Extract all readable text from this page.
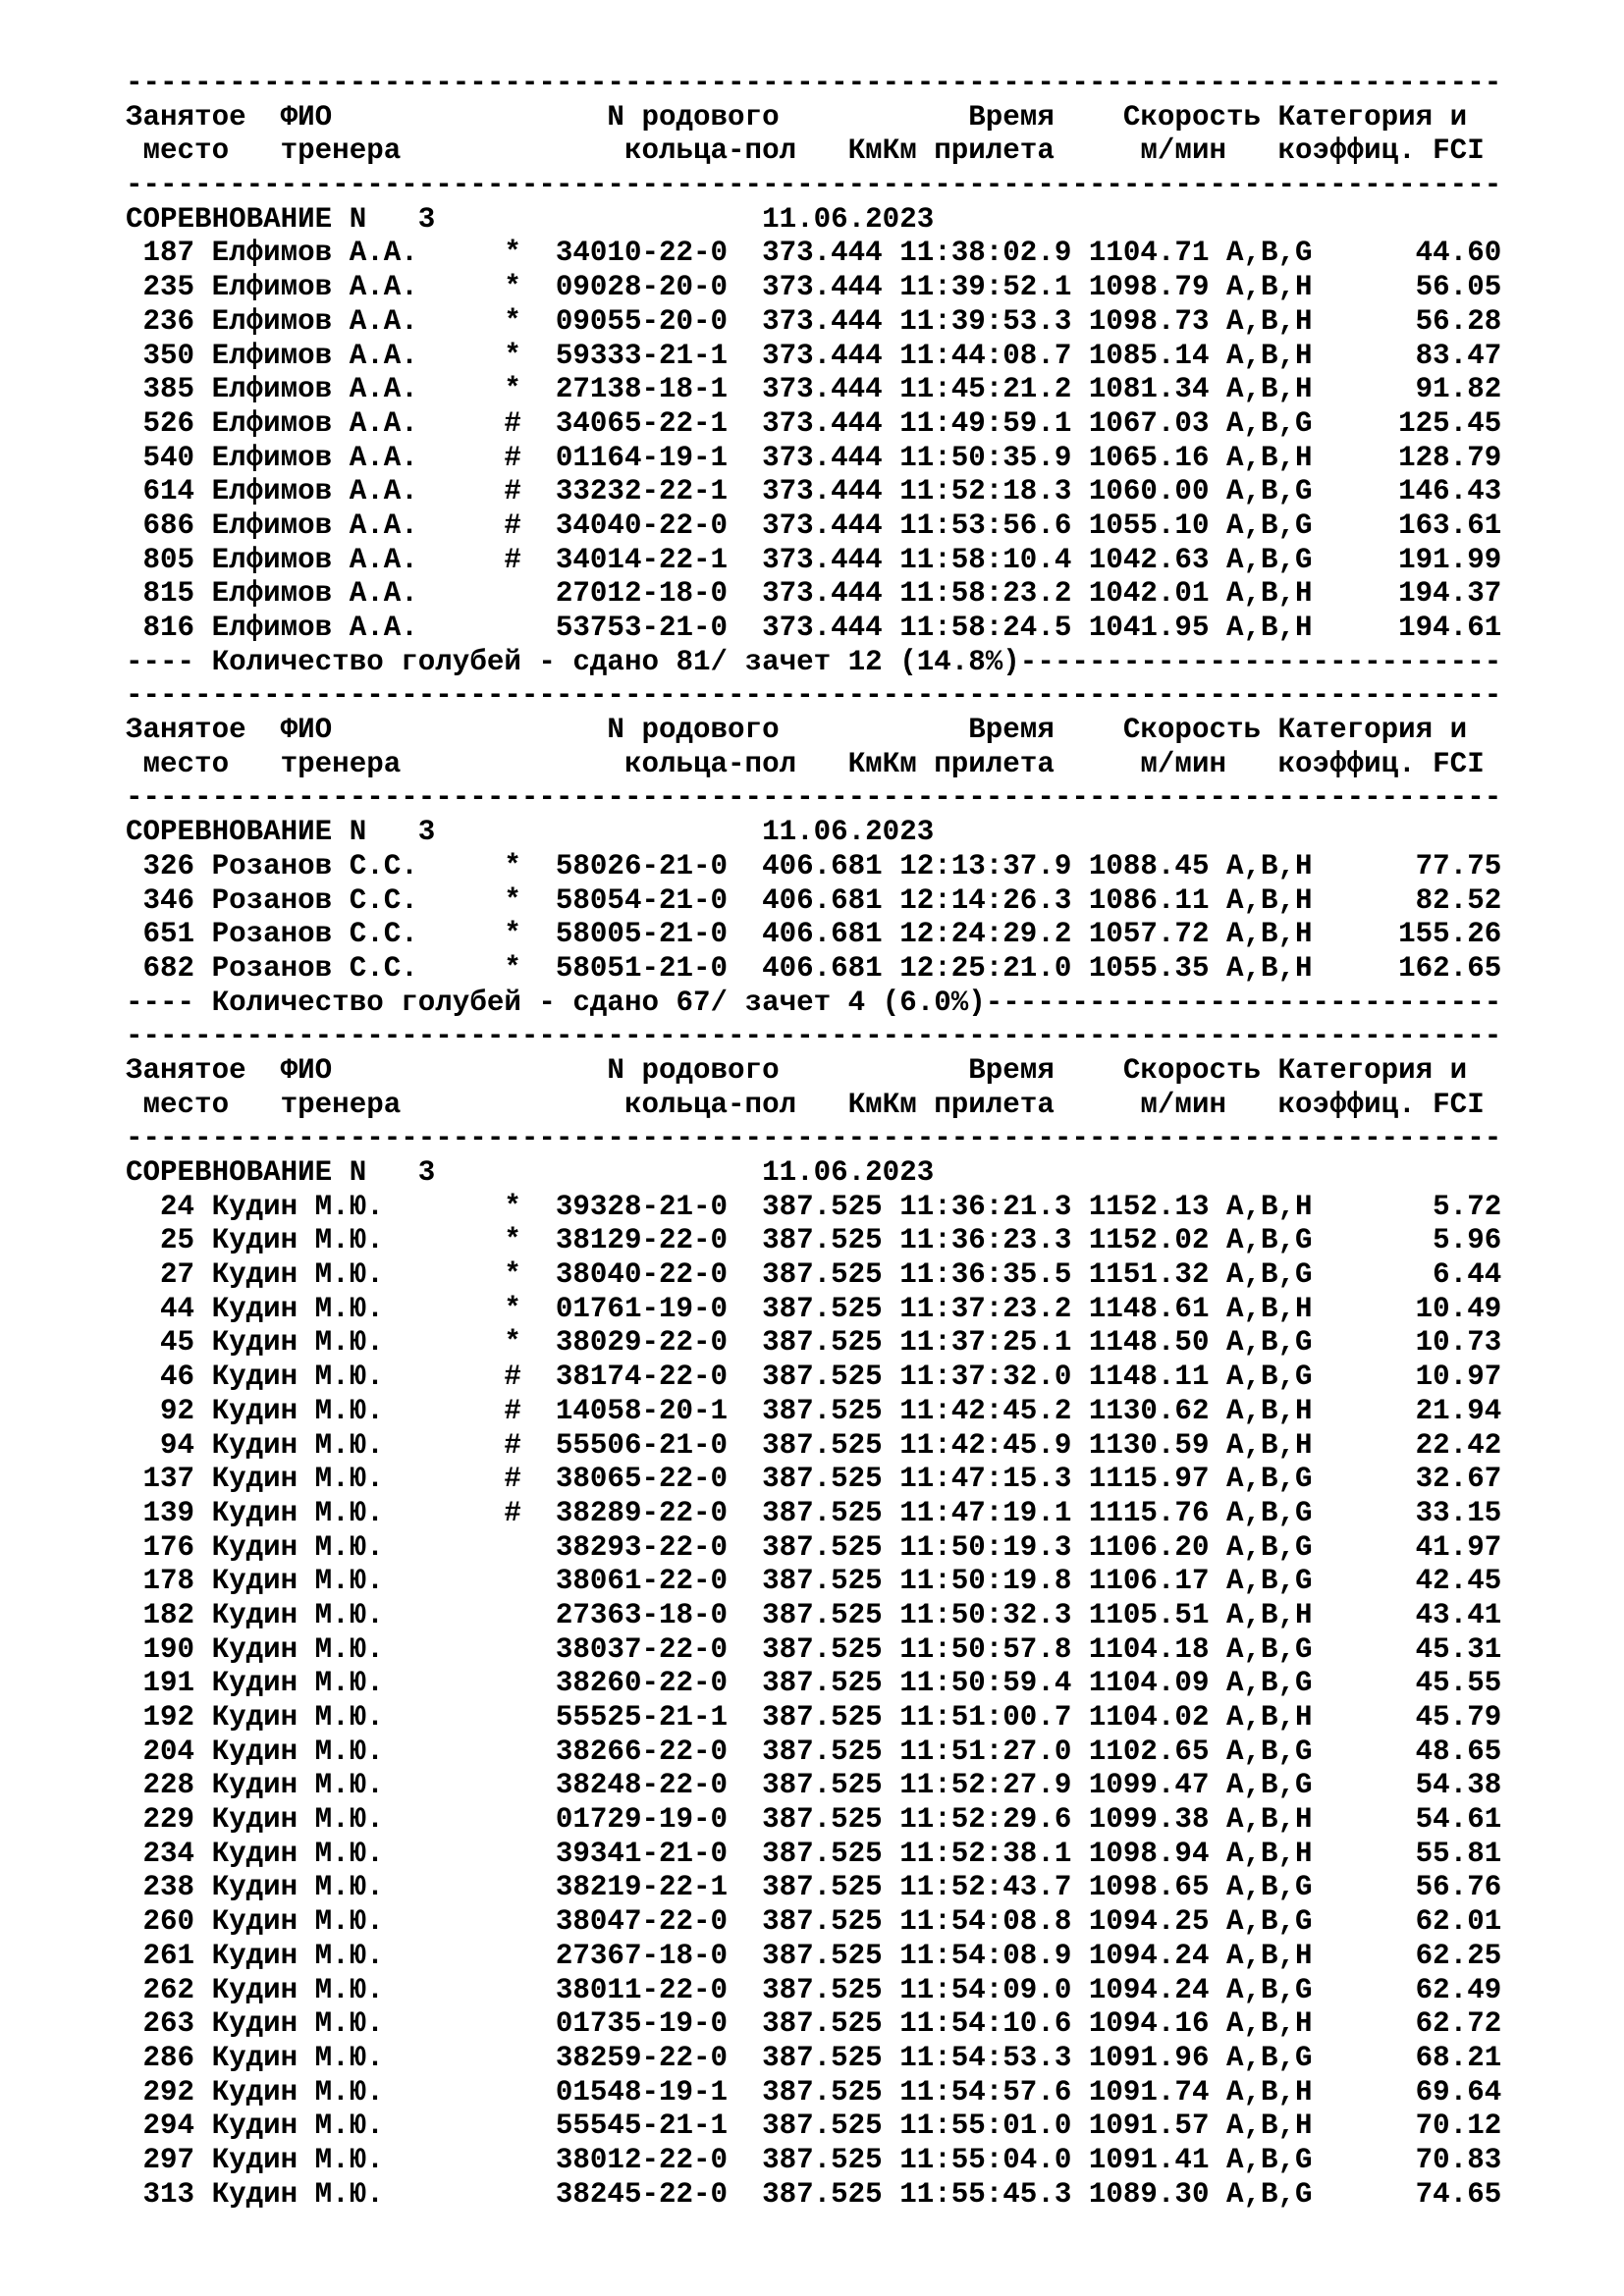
--------------------------------------------------------------------------------
Занятое  ФИО                N родового           Время    Скорость Категория и
место   тренера             кольца-пол   КмКм прилета     м/мин   коэффиц. FCI
--------------------------------------------------------------------------------
СОРЕВНОВАНИЕ N   3                   11.06.2023
187 Елфимов А.А.     *  34010-22-0  373.444 11:38:02.9 1104.71 A,B,G      44.60
235 Елфимов А.А.     *  09028-20-0  373.444 11:39:52.1 1098.79 A,B,H      56.05
236 Елфимов А.А.     *  09055-20-0  373.444 11:39:53.3 1098.73 A,B,H      56.28
350 Елфимов А.А.     *  59333-21-1  373.444 11:44:08.7 1085.14 A,B,H      83.47
385 Елфимов А.А.     *  27138-18-1  373.444 11:45:21.2 1081.34 A,B,H      91.82
526 Елфимов А.А.     #  34065-22-1  373.444 11:49:59.1 1067.03 A,B,G     125.45
540 Елфимов А.А.     #  01164-19-1  373.444 11:50:35.9 1065.16 A,B,H     128.79
614 Елфимов А.А.     #  33232-22-1  373.444 11:52:18.3 1060.00 A,B,G     146.43
686 Елфимов А.А.     #  34040-22-0  373.444 11:53:56.6 1055.10 A,B,G     163.61
805 Елфимов А.А.     #  34014-22-1  373.444 11:58:10.4 1042.63 A,B,G     191.99
815 Елфимов А.А.        27012-18-0  373.444 11:58:23.2 1042.01 A,B,H     194.37
816 Елфимов А.А.        53753-21-0  373.444 11:58:24.5 1041.95 A,B,H     194.61
---- Количество голубей - сдано 81/ зачет 12 (14.8%)----------------------------
--------------------------------------------------------------------------------
Занятое  ФИО                N родового           Время    Скорость Категория и
место   тренера             кольца-пол   КмКм прилета     м/мин   коэффиц. FCI
--------------------------------------------------------------------------------
СОРЕВНОВАНИЕ N   3                   11.06.2023
326 Розанов С.С.     *  58026-21-0  406.681 12:13:37.9 1088.45 A,B,H      77.75
346 Розанов С.С.     *  58054-21-0  406.681 12:14:26.3 1086.11 A,B,H      82.52
651 Розанов С.С.     *  58005-21-0  406.681 12:24:29.2 1057.72 A,B,H     155.26
682 Розанов С.С.     *  58051-21-0  406.681 12:25:21.0 1055.35 A,B,H     162.65
---- Количество голубей - сдано 67/ зачет 4 (6.0%)------------------------------
--------------------------------------------------------------------------------
Занятое  ФИО                N родового           Время    Скорость Категория и
место   тренера             кольца-пол   КмКм прилета     м/мин   коэффиц. FCI
--------------------------------------------------------------------------------
СОРЕВНОВАНИЕ N   3                   11.06.2023
24 Кудин М.Ю.       *  39328-21-0  387.525 11:36:21.3 1152.13 A,B,H       5.72
25 Кудин М.Ю.       *  38129-22-0  387.525 11:36:23.3 1152.02 A,B,G       5.96
27 Кудин М.Ю.       *  38040-22-0  387.525 11:36:35.5 1151.32 A,B,G       6.44
44 Кудин М.Ю.       *  01761-19-0  387.525 11:37:23.2 1148.61 A,B,H      10.49
45 Кудин М.Ю.       *  38029-22-0  387.525 11:37:25.1 1148.50 A,B,G      10.73
46 Кудин М.Ю.       #  38174-22-0  387.525 11:37:32.0 1148.11 A,B,G      10.97
92 Кудин М.Ю.       #  14058-20-1  387.525 11:42:45.2 1130.62 A,B,H      21.94
94 Кудин М.Ю.       #  55506-21-0  387.525 11:42:45.9 1130.59 A,B,H      22.42
137 Кудин М.Ю.       #  38065-22-0  387.525 11:47:15.3 1115.97 A,B,G      32.67
139 Кудин М.Ю.       #  38289-22-0  387.525 11:47:19.1 1115.76 A,B,G      33.15
176 Кудин М.Ю.          38293-22-0  387.525 11:50:19.3 1106.20 A,B,G      41.97
178 Кудин М.Ю.          38061-22-0  387.525 11:50:19.8 1106.17 A,B,G      42.45
182 Кудин М.Ю.          27363-18-0  387.525 11:50:32.3 1105.51 A,B,H      43.41
190 Кудин М.Ю.          38037-22-0  387.525 11:50:57.8 1104.18 A,B,G      45.31
191 Кудин М.Ю.          38260-22-0  387.525 11:50:59.4 1104.09 A,B,G      45.55
192 Кудин М.Ю.          55525-21-1  387.525 11:51:00.7 1104.02 A,B,H      45.79
204 Кудин М.Ю.          38266-22-0  387.525 11:51:27.0 1102.65 A,B,G      48.65
228 Кудин М.Ю.          38248-22-0  387.525 11:52:27.9 1099.47 A,B,G      54.38
229 Кудин М.Ю.          01729-19-0  387.525 11:52:29.6 1099.38 A,B,H      54.61
234 Кудин М.Ю.          39341-21-0  387.525 11:52:38.1 1098.94 A,B,H      55.81
238 Кудин М.Ю.          38219-22-1  387.525 11:52:43.7 1098.65 A,B,G      56.76
260 Кудин М.Ю.          38047-22-0  387.525 11:54:08.8 1094.25 A,B,G      62.01
261 Кудин М.Ю.          27367-18-0  387.525 11:54:08.9 1094.24 A,B,H      62.25
262 Кудин М.Ю.          38011-22-0  387.525 11:54:09.0 1094.24 A,B,G      62.49
263 Кудин М.Ю.          01735-19-0  387.525 11:54:10.6 1094.16 A,B,H      62.72
286 Кудин М.Ю.          38259-22-0  387.525 11:54:53.3 1091.96 A,B,G      68.21
292 Кудин М.Ю.          01548-19-1  387.525 11:54:57.6 1091.74 A,B,H      69.64
294 Кудин М.Ю.          55545-21-1  387.525 11:55:01.0 1091.57 A,B,H      70.12
297 Кудин М.Ю.          38012-22-0  387.525 11:55:04.0 1091.41 A,B,G      70.83
313 Кудин М.Ю.          38245-22-0  387.525 11:55:45.3 1089.30 A,B,G      74.65
